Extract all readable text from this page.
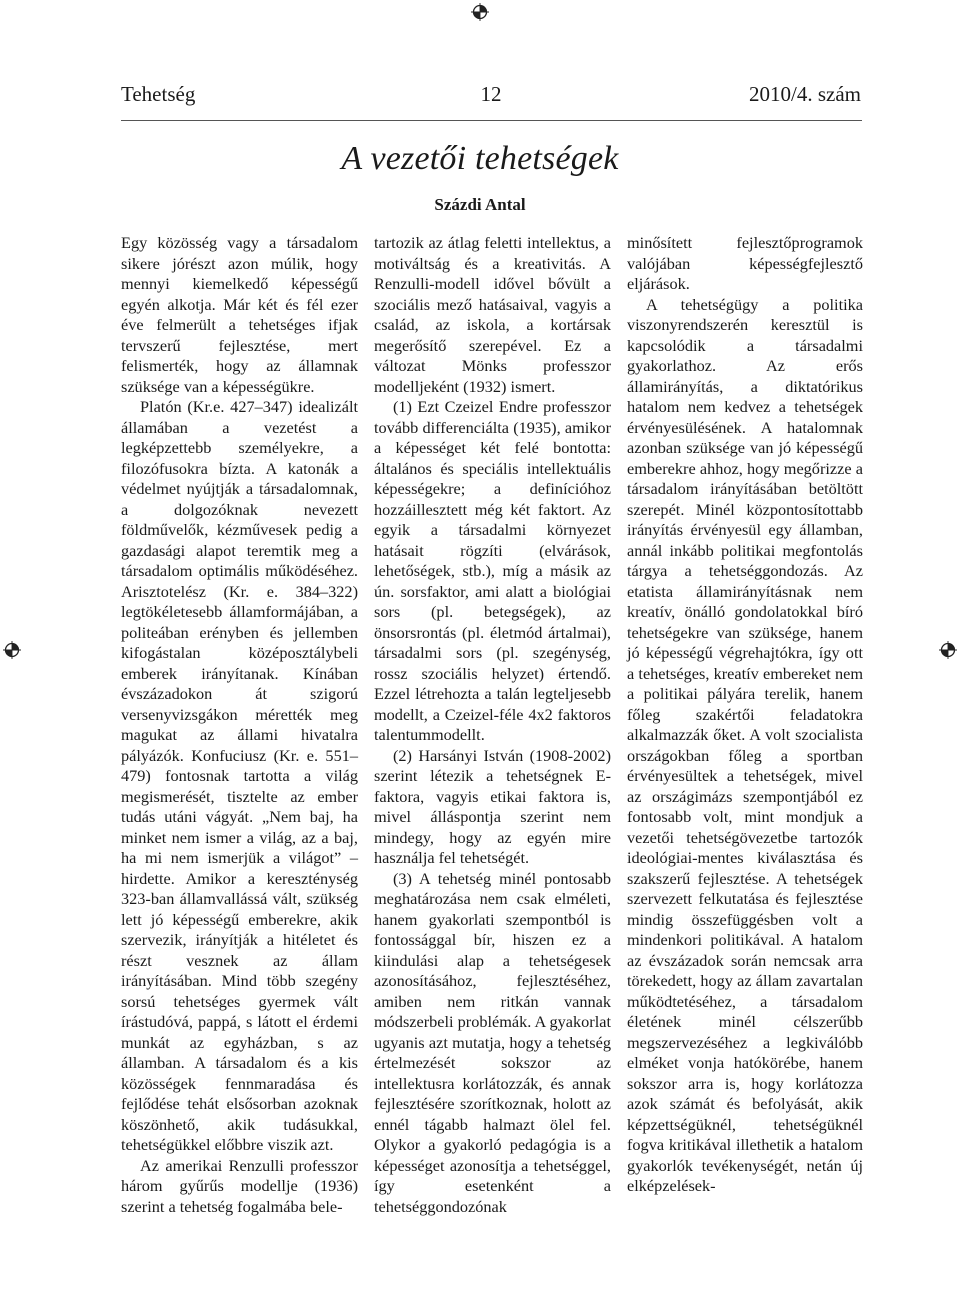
Tehetség	12	2010/4. szám
A vezetői tehetségek
Százdi Antal

Egy közösség vagy a társadalom sikere jórészt azon múlik, hogy mennyi kiemelkedő képességű egyén alkotja. Már két és fél ezer éve felmerült a tehetséges ifjak tervszerű fejlesztése, mert felismerték, hogy az államnak szüksége van a képességükre.

Platón (Kr.e. 427–347) idealizált államában a vezetést a legképzettebb személyekre, a filozófusokra bízta. A katonák a védelmet nyújtják a társadalomnak, a dolgozóknak nevezett földművelők, kézművesek pedig a gazdasági alapot teremtik meg a társadalom optimális működéséhez. Arisztotelész (Kr. e. 384–322) legtökéletesebb államformájában, a politeában erényben és jellemben kifogástalan középosztálybeli emberek irányítanak. Kínában évszázadokon át szigorú versenyvizsgákon mérették meg magukat az állami hivatalra pályázók. Konfuciusz (Kr. e. 551–479) fontosnak tartotta a világ megismerését, tisztelte az ember tudás utáni vágyát. „Nem baj, ha minket nem ismer a világ, az a baj, ha mi nem ismerjük a világot” – hirdette. Amikor a kereszténység 323-ban államvallássá vált, szükség lett jó képességű emberekre, akik szervezik, irányítják a hitéletet és részt vesznek az állam irányításában. Mind több szegény sorsú tehetséges gyermek vált írástudóvá, pappá, s látott el érdemi munkát az egyházban, s az államban. A társadalom és a kis közösségek fennmaradása és fejlődése tehát elsősorban azoknak köszönhető, akik tudásukkal, tehetségükkel előbbre viszik azt.

Az amerikai Renzulli professzor három gyűrűs modellje (1936) szerint a tehetség fogalmába bele-

tartozik az átlag feletti intellektus, a motiváltság és a kreativitás. A Renzulli-modell idővel bővült a szociális mező hatásaival, vagyis a család, az iskola, a kortársak megerősítő szerepével. Ez a változat Mönks professzor modelljeként (1932) ismert.

(1) Ezt Czeizel Endre professzor tovább differenciálta (1935), amikor a képességet két felé bontotta: általános és speciális intellektuális képességekre; a definícióhoz hozzáillesztett még két faktort. Az egyik a társadalmi környezet hatásait rögzíti (elvárások, lehetőségek, stb.), míg a másik az ún. sorsfaktor, ami alatt a biológiai sors (pl. betegségek), az önsorsrontás (pl. életmód ártalmai), társadalmi sors (pl. szegénység, rossz szociális helyzet) értendő. Ezzel létrehozta a talán legteljesebb modellt, a Czeizel-féle 4x2 faktoros talentummodellt.

(2) Harsányi István (1908-2002) szerint létezik a tehetségnek E-faktora, vagyis etikai faktora is, mivel álláspontja szerint nem mindegy, hogy az egyén mire használja fel tehetségét.

(3) A tehetség minél pontosabb meghatározása nem csak elméleti, hanem gyakorlati szempontból is fontossággal bír, hiszen ez a kiindulási alap a tehetségesek azonosításához, fejlesztéséhez, amiben nem ritkán vannak módszerbeli problémák. A gyakorlat ugyanis azt mutatja, hogy a tehetség értelmezését sokszor az intellektusra korlátozzák, és annak fejlesztésére szorítkoznak, holott az ennél tágabb halmazt ölel fel. Olykor a gyakorló pedagógia is a képességet azonosítja a tehetséggel, így esetenként a tehetséggondozónak

minősített fejlesztőprogramok valójában képességfejlesztő eljárások.

A tehetségügy a politika viszonyrendszerén keresztül is kapcsolódik a társadalmi gyakorlathoz. Az erős államirányítás, a diktatórikus hatalom nem kedvez a tehetségek érvényesülésének. A hatalomnak azonban szüksége van jó képességű emberekre ahhoz, hogy megőrizze a társadalom irányításában betöltött szerepét. Minél központosítottabb irányítás érvényesül egy államban, annál inkább politikai megfontolás tárgya a tehetséggondozás. Az etatista államirányításnak nem kreatív, önálló gondolatokkal bíró tehetségekre van szüksége, hanem jó képességű végrehajtókra, így ott a tehetséges, kreatív embereket nem a politikai pályára terelik, hanem főleg szakértői feladatokra alkalmazzák őket. A volt szocialista országokban főleg a sportban érvényesültek a tehetségek, mivel az országimázs szempontjából ez fontosabb volt, mint mondjuk a vezetői tehetségövezetbe tartozók ideológiai-mentes kiválasztása és szakszerű fejlesztése. A tehetségek szervezett felkutatása és fejlesztése mindig összefüggésben volt a mindenkori politikával. A hatalom az évszázadok során nemcsak arra törekedett, hogy az állam zavartalan működtetéséhez, a társadalom életének minél célszerűbb megszervezéséhez a legkiválóbb elméket vonja hatókörébe, hanem sokszor arra is, hogy korlátozza azok számát és befolyását, akik képzettségüknél, tehetségüknél fogva kritikával illethetik a hatalom gyakorlók tevékenységét, netán új elképzelések-
